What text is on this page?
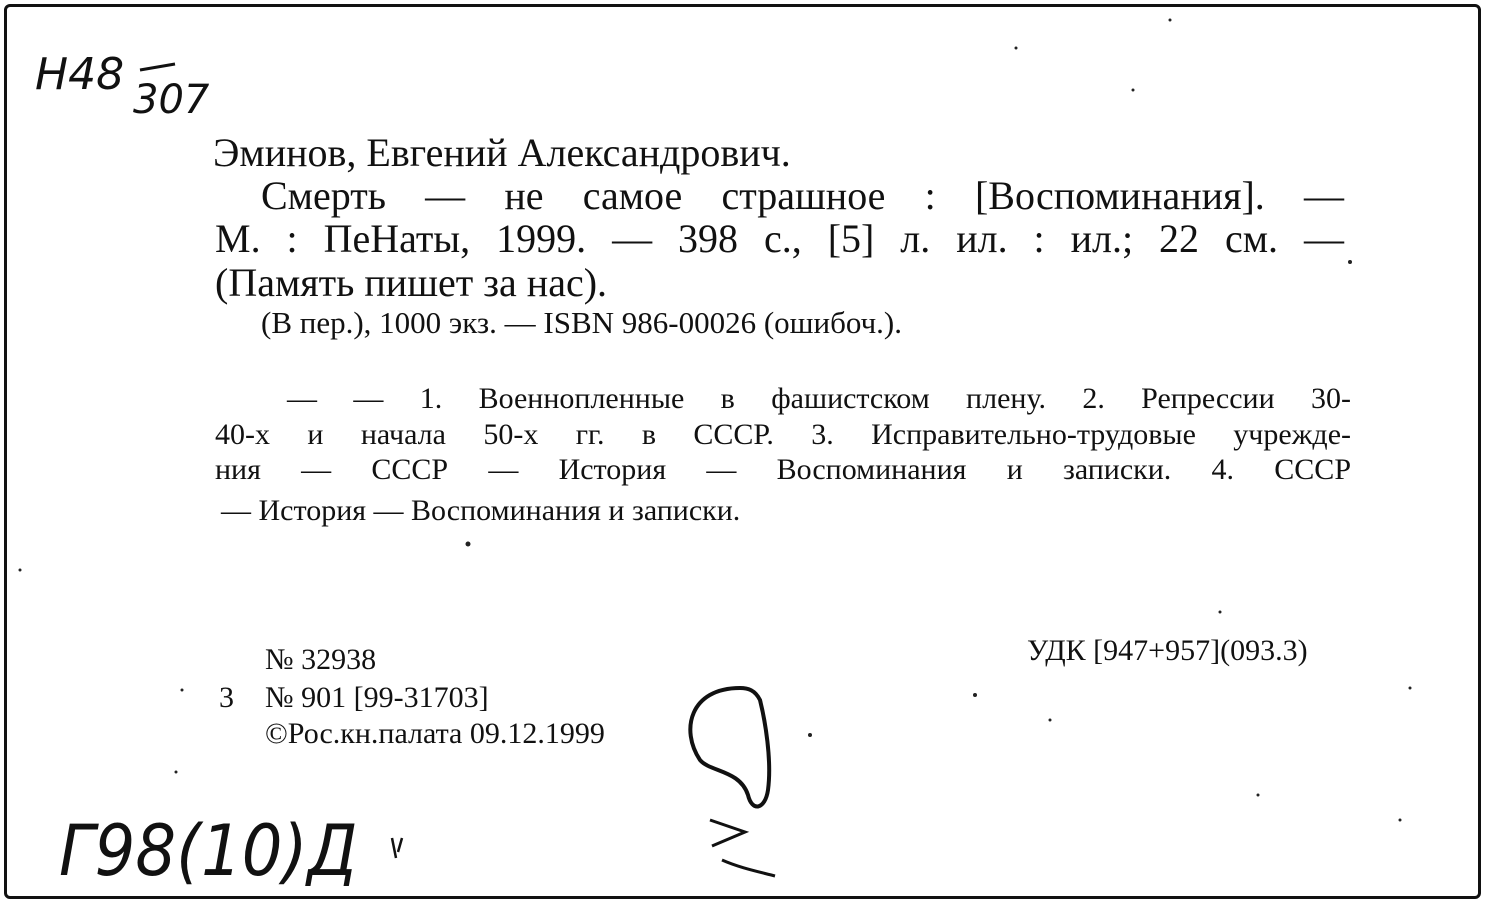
Н48 307
Эминов, Евгений Александрович.
Смерть — не самое страшное : [Воспоминания]. —
М. : ПеНаты, 1999. — 398 с., [5] л. ил. : ил.; 22 см. —
(Память пишет за нас).
(В пер.), 1000 экз. — ISBN 986-00026 (ошибоч.).
— — 1. Военнопленные в фашистском плену. 2. Репрессии 30-
40-х и начала 50-х гг. в СССР. 3. Исправительно-трудовые учрежде-
ния — СССР — История — Воспоминания и записки. 4. СССР
— История — Воспоминания и записки.
№ 32938
3 № 901 [99-31703]
©Рос.кн.палата 09.12.1999
УДК [947+957](093.3)
Г98(10)Д
